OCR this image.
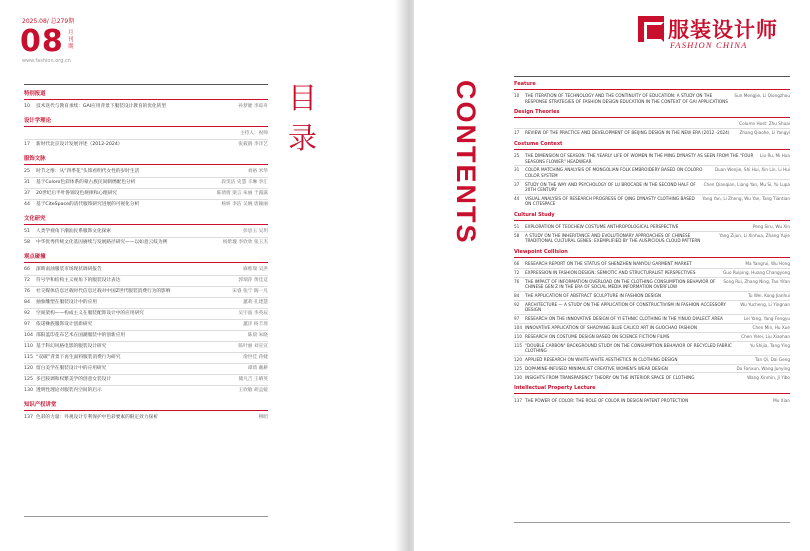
2025.08/ 总279期
08 月刊期
www.fashion.org.cn
目录
特别报道
10	技术迭代与教育承续：GAI应用背景下服装设计教育的优化转型	孙梦婕 李琼舟
设计学理论
主持人：祝帅
17	新时代北京设计发展评述（2012-2024）	张筱鹃 李洋艺
服饰文脉
25	时节之维：从“四季花”头饰看明代女性的岁时生活	刘裕 米华
31	基于Coloro色彩体系的蒙古族民间刺绣配色分析	段雯洁 史慧 辛琳 李汇
37	20世纪后半叶鲁锦设色规律和心理研究	陈倩倩 梁言 朱丽 于露露
44	基于CiteSpace的清代服饰研究进展的可视化分析	杨妍 李洁 吴婉 唐颖丽
文化研究
51	人类学视角下潮汕民系服饰文化探索	彭思玉 吴玥
58	中华优秀传统文化基因赓续与发展路径研究——以如意云纹为例	杨紫璇 李欣欣 张玉杰
观点碰撞
66	深圳南油服装市场现状调研报告	麻维瑞 吴洪
72	符号学和结构主义视角下的服装设计表达	郭瑞萍 黄佳竞
76	社交媒体信息过载时代信息过载对中国Z世代服装消费行为的影响	宋睿 张宁 陶一凡
84	抽象雕塑在服装设计中的应用	蕙莉 孔建慧
92	空间架构——构成主义在服装配饰设计中的应用研究	吴宇波 李英辰
97	依诺彝族服饰设计创新研究	蕙洋 杨丰瑶
104 邵阳蓝印花布艺术在国潮服装中的创新应用	陈晨 朱晓
110 基于科幻风格电影的服装设计研究	陈叶丽 刘宣宣
115 “双碳”背景下再生面料服装消费行为研究	俞世佳 蒋婕
120 留白美学在服装设计中的应用研究	谭琦 戴耕
125 多巴胺调和权繁美学的创意女装设计	储凡吉 王晴英
130 透明性理论对服装内空间的启示	王欣敏 胡孟媛
知识产权讲堂
137 色彩的力量：外观设计专利保护中色彩要素的限定效力探析	穆昭
CONTENTS
服装设计师
FASHION CHINA
Feature
10	THE ITERATION OF TECHNOLOGY AND THE CONTINUITY OF EDUCATION: A STUDY ON THE RESPONSE STRATEGIES OF FASHION DESIGN EDUCATION IN THE CONTEXT OF GAI APPLICATIONS
Sun Mengjie, Li Qiongzhou
Design Theories
Column Host: Zhu Shuai
17	REVIEW OF THE PRACTICE AND DEVELOPMENT OF BEIJING DESIGN IN THE NEW ERA (2012 -2024)	Zhang Qiaohe, Li Yangyi
Costume Context
25	THE DIMENSION OF SEASON: THE YEARLY LIFE OF WOMEN IN THE MING DYNASTY AS SEEN FROM THE "FOUR SEASONS FLOWER" HEADWEAR
Liu Ru, Mi Hua
31	COLOR MATCHING ANALYSIS OF MONGOLIAN FOLK EMBROIDERY BASED ON COLORO COLOR SYSTEM
Duan Wenjie, Shi Hui, Xin Lin, Li Hui
37	STUDY ON THE WAY AND PSYCHOLOGY OF LU BROCADE IN THE SECOND HALF OF 20TH CENTURY
Chen Qianqian, Liang Yan, Mu Si, Yu Lupa
44	VISUAL ANALYSIS OF RESEARCH PROGRESS OF QING DYNASTY CLOTHING BASED ON CITESPACE
Yang Yan, Li Zheng, Wu Yan, Tang Tiantian
Cultural Study
51	EXPLORATION OF TEOCHEW COSTUME ANTHROPOLOGICAL PERSPECTIVE	Peng Siru, Wu Xin
58	A STUDY ON THE INHERITANCE AND EVOLUTIONARY APPROACHES OF CHINESE TRADITIONAL CULTURAL GENES: EXEMPLIFIED BY THE AUSPICIOUS CLOUD PATTERN
Yang Zijun, Li Xinhua, Zhang Yujie
Viewpoint Collision
66	RESEARCH REPORT ON THE STATUS OF SHENZHEN NANYOU GARMENT MARKET	Ma Yangrui, Wu Hong
72	EXPRESSION IN FASHION DESIGN: SEMIOTIC AND STRUCTURALIST PERSPECTIVES	Guo Ruiping, Huang Changyong
76	THE IMPACT OF INFORMATION OVERLOAD ON THE CLOTHING CONSUMPTION BEHAVIOR OF CHINESE GEN Z IN THE ERA OF SOCIAL MEDIA INFORMATION OVERFLOW
Song Rui, Zhang Ning, Tao Yifan
84	THE APPLICATION OF ABSTRACT SCULPTURE IN FASHION DESIGN	Tu Wei, Kong Jianhui
92	ARCHITECTURE — A STUDY ON THE APPLICATION OF CONSTRUCTIVISM IN FASHION ACCESSORY DESIGN
Wu Yucheng, Li Yingnan
97	RESEARCH ON THE INNOVATIVE DESIGN OF YI ETHNIC CLOTHING IN THE YINUO DIALECT AREA	Lei Yang, Yang Fengyu
104 INNOVATIVE APPLICATION OF SHAOYANG BLUE CALICO ART IN GUOCHAO FASHION	Chen Min, Hu Xue
110 RESEARCH ON COSTUME DESIGN BASED ON SCIENCE FICTION FILMS	Chen Yelei, Liu Xiaohan
115 "DOUBLE CARBON" BACKGROUND STUDY ON THE CONSUMPTION BEHAVIOR OF RECYCLED FABRIC CLOTHING
Yu Shijia, Tang Ying
120 APPLIED RESEARCH ON WHITE-WHITE AESTHETICS IN CLOTHING DESIGN	Tan Qi, Dai Geng
125 DOPAMINE-INFUSED MINIMALIST CREATIVE WOMEN'S WEAR DESIGN	Du Fanxun, Wang Junying
130 INSIGHTS FROM TRANSPARENCY THEORY ON THE INTERIOR SPACE OF CLOTHING	Wang Xinmin, Ji Yibo
Intellectual Property Lecture
137 THE POWER OF COLOR: THE ROLE OF COLOR IN DESIGN PATENT PROTECTION	Mu Xian
